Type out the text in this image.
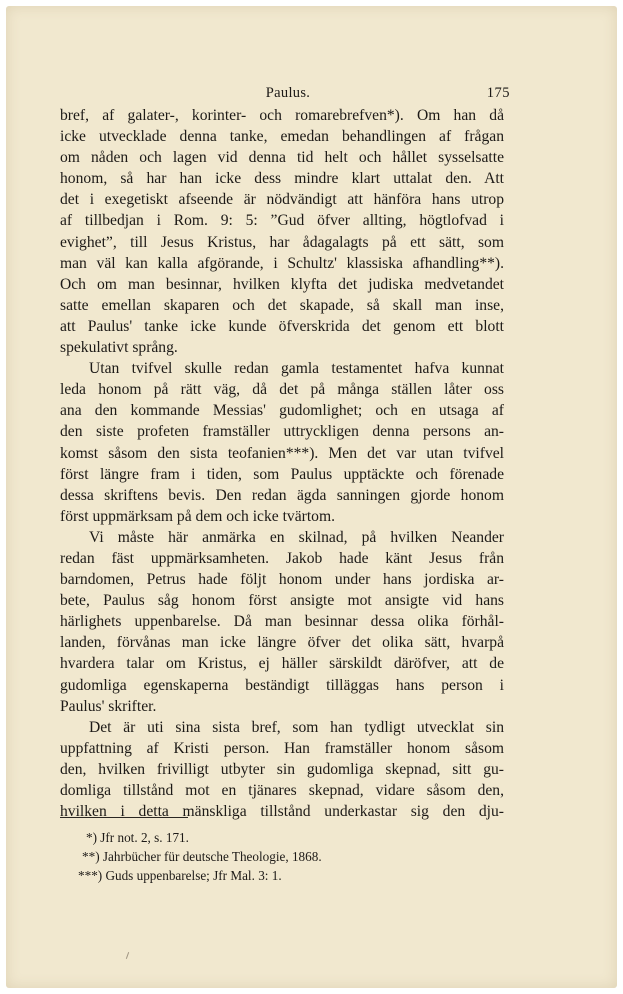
Paulus.	175
bref, af galater-, korinter- och romarebrefven*). Om han då
icke utvecklade denna tanke, emedan behandlingen af frågan
om nåden och lagen vid denna tid helt och hållet sysselsatte
honom, så har han icke dess mindre klart uttalat den. Att
det i exegetiskt afseende är nödvändigt att hänföra hans utrop
af tillbedjan i Rom. 9: 5: ”Gud öfver allting, högtlofvad i
evighet”, till Jesus Kristus, har ådagalagts på ett sätt, som
man väl kan kalla afgörande, i Schultz' klassiska afhandling**).
Och om man besinnar, hvilken klyfta det judiska medvetandet
satte emellan skaparen och det skapade, så skall man inse,
att Paulus' tanke icke kunde öfverskrida det genom ett blott
spekulativt språng.
Utan tvifvel skulle redan gamla testamentet hafva kunnat
leda honom på rätt väg, då det på många ställen låter oss
ana den kommande Messias' gudomlighet; och en utsaga af
den siste profeten framställer uttryckligen denna persons an-
komst såsom den sista teofanien***). Men det var utan tvifvel
först längre fram i tiden, som Paulus upptäckte och förenade
dessa skriftens bevis. Den redan ägda sanningen gjorde honom
först uppmärksam på dem och icke tvärtom.
Vi måste här anmärka en skilnad, på hvilken Neander
redan fäst uppmärksamheten. Jakob hade känt Jesus från
barndomen, Petrus hade följt honom under hans jordiska ar-
bete, Paulus såg honom först ansigte mot ansigte vid hans
härlighets uppenbarelse. Då man besinnar dessa olika förhål-
landen, förvånas man icke längre öfver det olika sätt, hvarpå
hvardera talar om Kristus, ej häller särskildt däröfver, att de
gudomliga egenskaperna beständigt tilläggas hans person i
Paulus' skrifter.
Det är uti sina sista bref, som han tydligt utvecklat sin
uppfattning af Kristi person. Han framställer honom såsom
den, hvilken frivilligt utbyter sin gudomliga skepnad, sitt gu-
domliga tillstånd mot en tjänares skepnad, vidare såsom den,
hvilken i detta mänskliga tillstånd underkastar sig den dju-
*) Jfr not. 2, s. 171.
**) Jahrbücher für deutsche Theologie, 1868.
***) Guds uppenbarelse; Jfr Mal. 3: 1.
